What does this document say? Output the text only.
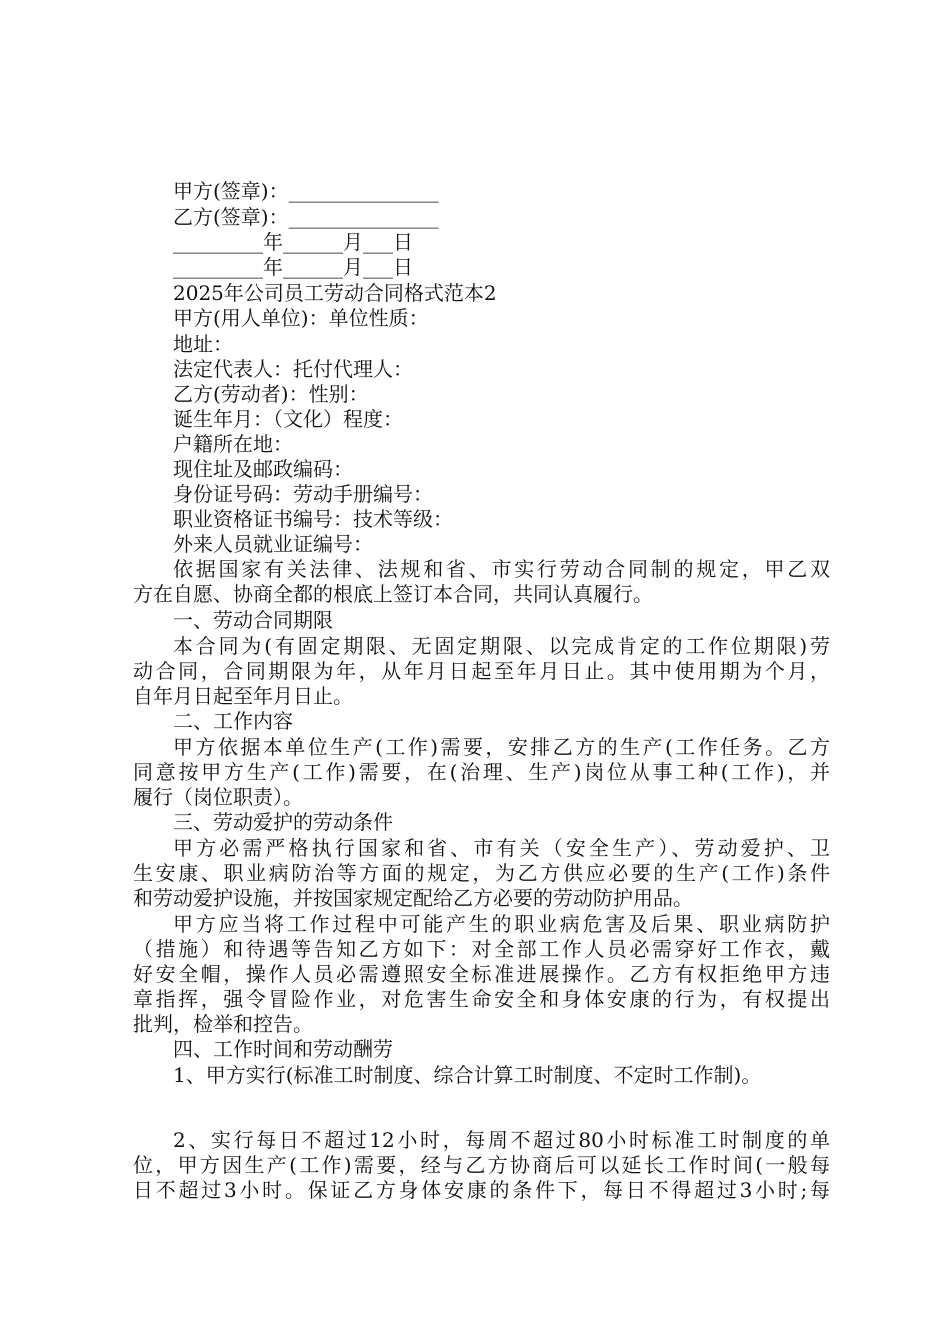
甲方(签章)：_______________
乙方(签章)：_______________
_________年______月___日
_________年______月___日
2025年公司员工劳动合同格式范本2
甲方(用人单位)：单位性质：
地址：
法定代表人：托付代理人：
乙方(劳动者)：性别：
诞生年月：（文化）程度：
户籍所在地：
现住址及邮政编码：
身份证号码：劳动手册编号：
职业资格证书编号：技术等级：
外来人员就业证编号：
依据国家有关法律、法规和省、市实行劳动合同制的规定，甲乙双
方在自愿、协商全都的根底上签订本合同，共同认真履行。
一、劳动合同期限
本合同为(有固定期限、无固定期限、以完成肯定的工作位期限)劳
动合同，合同期限为年，从年月日起至年月日止。其中使用期为个月，
自年月日起至年月日止。
二、工作内容
甲方依据本单位生产(工作)需要，安排乙方的生产(工作任务。乙方
同意按甲方生产(工作)需要，在(治理、生产)岗位从事工种(工作)，并
履行（岗位职责）。
三、劳动爱护的劳动条件
甲方必需严格执行国家和省、市有关（安全生产）、劳动爱护、卫
生安康、职业病防治等方面的规定，为乙方供应必要的生产(工作)条件
和劳动爱护设施，并按国家规定配给乙方必要的劳动防护用品。
甲方应当将工作过程中可能产生的职业病危害及后果、职业病防护
（措施）和待遇等告知乙方如下：对全部工作人员必需穿好工作衣，戴
好安全帽，操作人员必需遵照安全标准进展操作。乙方有权拒绝甲方违
章指挥，强令冒险作业，对危害生命安全和身体安康的行为，有权提出
批判，检举和控告。
四、工作时间和劳动酬劳
1、甲方实行(标准工时制度、综合计算工时制度、不定时工作制)。
2、实行每日不超过12小时，每周不超过80小时标准工时制度的单
位，甲方因生产(工作)需要，经与乙方协商后可以延长工作时间(一般每
日不超过3小时。保证乙方身体安康的条件下，每日不得超过3小时;每
